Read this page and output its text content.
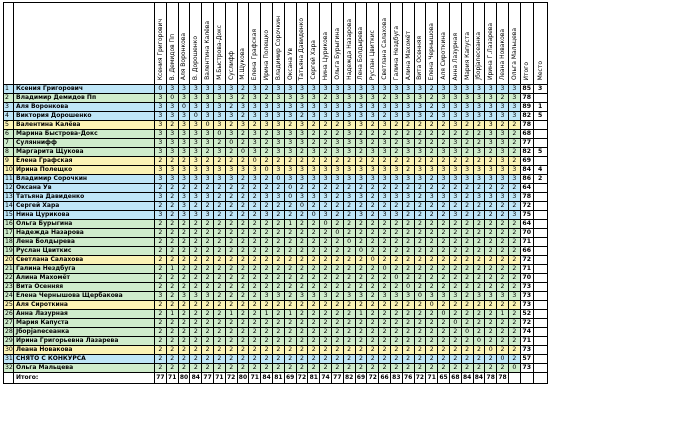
		Ксения Григорович	В. Демидов Пп	Аля Воронкова	В. Дорошенко	Валентина Калёва	М.Быстрова-Докс	Суслифф	М.Щукова	Елена Графская	Ирина Полещко	Владимир Сорочкин	Оксана Ув	Татьяна Давиденко	Сергей Хара	Нина Цурикова	Ольга Бурыгина	Надежда Назарова	Лена Болдырева	Руслан Цвиткис	Светлана Салахова	Галина Нездбуга	Алина Махомёт	Вита Осенняя	Елена Чернышова	Аля Сироткина	Анна Лазурная	Мария Капуста	Jборjanесеанка	Ирина Г.Лазарева	Леана Новакова	Ольга Мальцева	Итого	Место
1	Ксения Григорович	0	3	3	3	3	3	3	2	3	2	3	3	3	3	3	3	3	3	3	3	3	3	3	2	3	3	3	3	3	3	3	85	3
2	Владимир Демидов Пп	3	0	3	3	3	3	3	2	3	2	3	3	3	3	2	3	3	3	3	2	3	3	3	2	3	3	3	3	3	2	3	78	
3	Аля Воронкова	3	3	0	3	3	3	2	3	3	3	3	3	3	3	3	3	3	3	3	3	3	3	3	2	3	3	3	3	3	3	3	89	1
4	Виктория Дорошенко	3	3	3	0	3	3	3	2	3	3	3	3	2	3	3	3	3	3	3	2	3	3	3	2	3	3	3	3	3	3	3	82	5
5	Валентина Калёва	3	2	3	3	0	3	2	3	2	3	3	2	3	2	2	2	3	3	2	3	2	2	2	2	2	3	2	2	3	2	2	78	
6	Марина Быстрова-Докс	3	3	3	3	3	0	3	2	3	2	3	3	3	2	2	2	3	2	2	2	2	2	2	2	2	2	2	2	3	3	2	68	
7	Суляннифф	3	3	3	3	3	2	0	2	3	2	3	3	3	2	2	3	3	3	2	3	2	3	2	2	2	3	2	2	3	3	2	77	
8	Маргарита Щукова	3	3	3	3	2	3	2	0	3	2	3	3	2	3	2	3	3	2	3	3	2	3	3	2	3	3	2	3	2	3	2	82	5
9	Елена Графская	2	2	2	3	2	2	2	2	0	2	2	2	2	2	2	2	2	2	2	2	2	2	2	2	2	2	2	2	2	3	2	69	
10	Ирина Полещко	3	3	3	3	3	3	3	3	3	0	3	3	3	3	3	3	3	3	3	3	3	2	3	3	3	3	3	3	3	3	3	84	4
11	Владимир Сорочкин	3	3	3	3	3	3	3	2	3	2	0	3	3	3	3	3	3	3	3	3	3	3	3	2	3	3	3	3	3	3	3	86	2
12	Оксана Ув	2	2	2	2	2	2	2	2	2	2	2	0	2	2	2	2	2	2	2	2	2	2	2	2	2	2	2	2	2	2	2	64	
13	Татьяна Давиденко	3	2	3	3	3	2	2	2	2	3	3	0	3	3	3	2	3	3	2	3	3	3	2	3	3	3	2	3	3	3	3	78	
14	Сергей Хара	2	2	3	2	2	2	2	2	2	2	2	2	0	2	2	2	2	2	2	2	2	2	2	2	2	2	2	2	2	2	2	72	
15	Нина Цурикова	3	2	3	3	3	2	2	2	2	3	2	2	2	0	3	2	2	3	2	3	3	2	2	2	2	3	2	2	2	2	3	75	
16	Ольга Бурыгина	2	2	2	2	2	2	2	2	2	2	2	1	2	2	0	2	2	2	2	2	2	2	2	2	2	2	2	2	2	2	2	64	
17	Надежда Назарова	2	2	2	2	2	2	2	2	2	2	2	2	2	2	2	0	2	2	2	2	2	2	2	2	2	2	2	2	2	2	2	70	
18	Лена Болдырева	2	2	2	2	2	2	2	2	2	2	2	2	2	2	2	2	0	2	2	2	2	2	2	2	2	2	2	2	2	2	2	71	
19	Руслан Цвиткис	2	2	2	2	2	2	2	2	2	2	2	2	2	2	2	2	2	0	2	2	2	2	2	2	2	2	2	2	2	2	2	66	
20	Светлана Салахова	2	2	2	2	2	2	2	2	2	2	2	2	2	2	2	2	2	2	0	2	2	2	2	2	2	2	2	2	2	2	2	72	
21	Галина Нездбуга	2	1	2	2	2	2	2	2	2	2	2	2	2	2	2	2	2	2	2	0	2	2	2	2	2	2	2	2	2	2	2	71	
22	Алина Махомёт	2	2	2	2	2	2	2	2	2	2	2	2	2	2	2	2	2	2	2	2	0	2	2	2	2	2	2	2	2	2	2	70	
23	Вита Осенняя	2	2	2	2	2	2	2	2	2	2	2	2	2	2	2	2	2	2	2	2	2	0	2	2	2	2	2	2	2	2	2	73	
24	Елена Чернышова Щербакова	3	2	3	3	3	2	2	2	2	3	3	2	3	3	3	2	3	3	2	3	3	3	0	3	3	3	2	3	3	3	3	73	
25	Аля Сироткина	2	2	2	2	2	2	2	2	2	2	2	2	2	2	2	2	2	2	2	2	2	2	2	0	2	2	2	2	2	2	2	73	
26	Анна Лазурная	2	1	2	2	2	2	1	2	2	1	2	1	2	2	2	2	2	1	2	2	2	2	2	2	0	2	2	2	2	1	2	52	
27	Мария Капуста	2	2	2	2	2	2	2	2	2	2	2	2	2	2	2	2	2	2	2	2	2	2	2	2	2	0	2	2	2	2	2	72	
28	Jборjanесеанка	2	2	2	2	2	2	2	2	2	2	2	2	2	2	2	2	2	2	2	2	2	2	2	2	2	2	0	2	2	2	2	74	
29	Ирина Григорьевна Лазарева	2	2	2	2	2	2	2	2	2	2	2	2	2	2	2	2	2	2	2	2	2	2	2	2	2	2	2	0	2	2	2	71	
30	Леана Новакова	2	2	2	2	2	2	2	2	2	2	2	2	2	2	2	2	2	2	2	2	2	2	2	2	2	2	2	2	0	2	2	73	
31	СНЯТО С КОНКУРСА	2	2	2	2	2	2	2	2	2	2	2	2	2	2	2	2	2	2	2	2	2	2	2	2	2	2	2	2	2	0	2	57	
32	Ольга Мальцева	2	2	2	2	2	2	2	2	2	2	2	2	2	2	2	2	2	2	2	2	2	2	2	2	2	2	2	2	2	2	0	73	
	Итого:	77	71	80	84	77	71	72	80	71	84	81	69	72	81	74	77	82	69	72	66	83	76	72	71	65	68	84	84	78	78			
